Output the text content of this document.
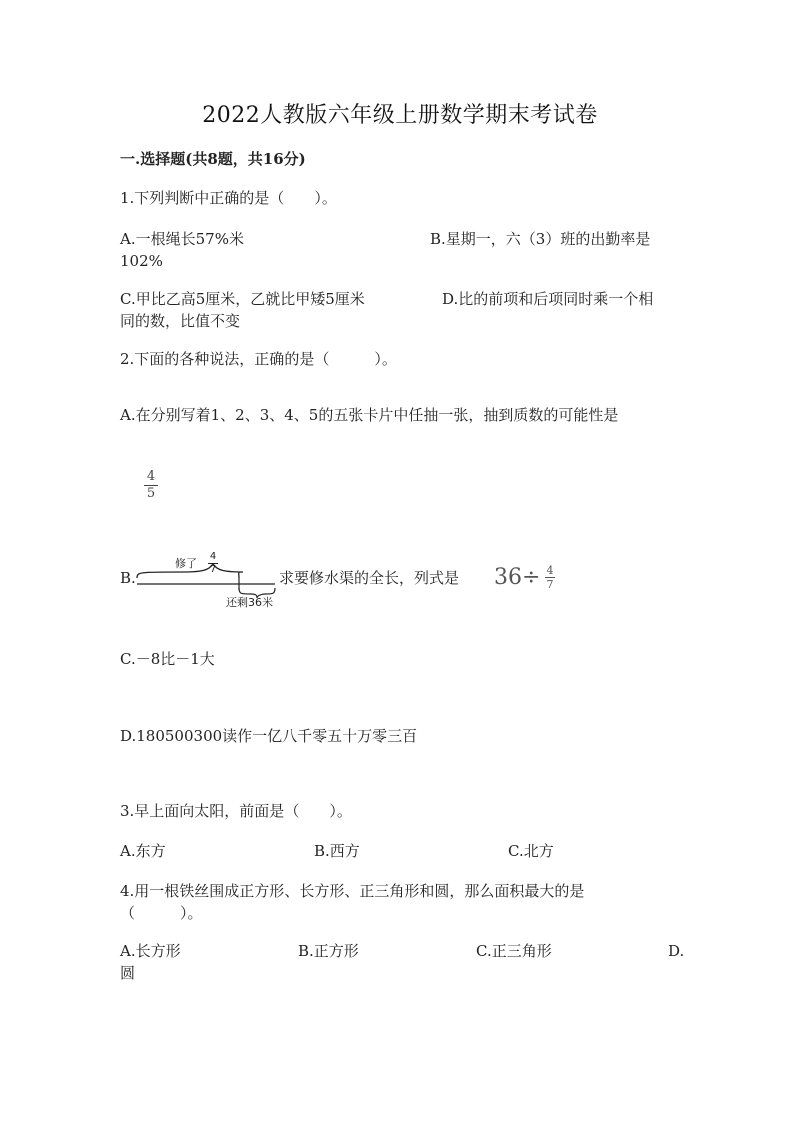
2022人教版六年级上册数学期末考试卷
一.选择题(共8题，共16分)
1.下列判断中正确的是（　　）。
A.一根绳长57%米	B.星期一，六（3）班的出勤率是
102%
C.甲比乙高5厘米，乙就比甲矮5厘米	D.比的前项和后项同时乘一个相
同的数，比值不变
2.下面的各种说法，正确的是（　　　）。
A.在分别写着1、2、3、4、5的五张卡片中任抽一张，抽到质数的可能性是
4
5
B.
修了
4
7
还剩36米
求要修水渠的全长，列式是 36÷ 4
7
C.－8比－1大
D.180500300读作一亿八千零五十万零三百
3.早上面向太阳，前面是（　　）。
A.东方	B.西方	C.北方
4.用一根铁丝围成正方形、长方形、正三角形和圆，那么面积最大的是
（　　　）。
A.长方形	B.正方形	C.正三角形	D.
圆
